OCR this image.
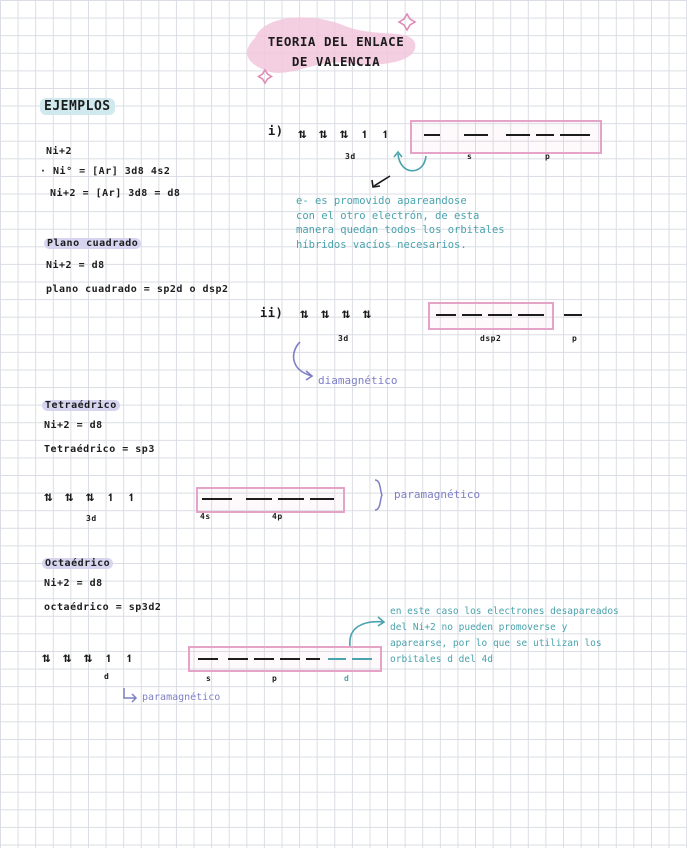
TEORIA DEL ENLACE
DE VALENCIA
EJEMPLOS
Ni+2
· Ni° = [Ar] 3d8 4s2
Ni+2 = [Ar] 3d8 = d8
Plano cuadrado
Ni+2 = d8
plano cuadrado = sp2d o dsp2
i) ⇅ ⇅ ⇅ ↿ ↿
3d	s	p
e- es promovido apareandose
con el otro electrón, de esta
manera quedan todos los orbitales
híbridos vacíos necesarios.
ii) ⇅ ⇅ ⇅ ⇅
3d	dsp2	p
diamagnético
Tetraédrico
Ni+2 = d8
Tetraédrico = sp3
⇅ ⇅ ⇅ ↿ ↿
3d	4s	4p
paramagnético
Octaédrico
Ni+2 = d8
octaédrico = sp3d2
⇅ ⇅ ⇅ ↿ ↿
d	s	p	d
paramagnético
en este caso los electrones desapareados
del Ni+2 no pueden promoverse y
aparearse, por lo que se utilizan los
orbitales d del 4d
